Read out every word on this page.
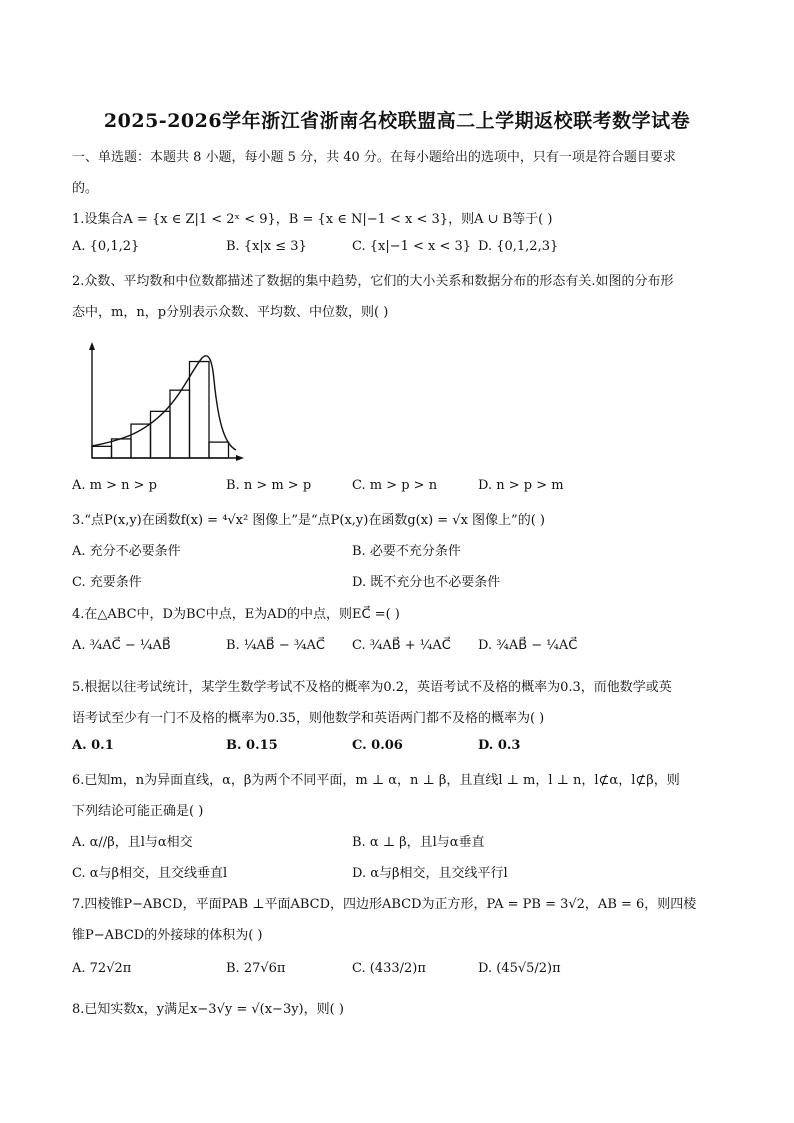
2025-2026学年浙江省浙南名校联盟高二上学期返校联考数学试卷
一、单选题：本题共 8 小题，每小题 5 分，共 40 分。在每小题给出的选项中，只有一项是符合题目要求
的。
1.设集合A = {x ∈ Z|1 < 2ˣ < 9}，B = {x ∈ N|−1 < x < 3}，则A ∪ B等于( )
A. {0,1,2}	B. {x|x ≤ 3}	C. {x|−1 < x < 3} D. {0,1,2,3}
2.众数、平均数和中位数都描述了数据的集中趋势，它们的大小关系和数据分布的形态有关.如图的分布形
态中，m，n，p分别表示众数、平均数、中位数，则( )
A. m > n > p	B. n > m > p	C. m > p > n	D. n > p > m
3.“点P(x,y)在函数f(x) = ⁴√x² 图像上”是“点P(x,y)在函数g(x) = √x 图像上”的( )
A. 充分不必要条件	B. 必要不充分条件
C. 充要条件	D. 既不充分也不必要条件
4.在△ABC中，D为BC中点，E为AD的中点，则EC⃗ =( )
A. ¾AC⃗ − ¼AB⃗	B. ¼AB⃗ − ¾AC⃗ C. ¾AB⃗ + ¼AC⃗ D. ¾AB⃗ − ¼AC⃗
5.根据以往考试统计，某学生数学考试不及格的概率为0.2，英语考试不及格的概率为0.3，而他数学或英
语考试至少有一门不及格的概率为0.35，则他数学和英语两门都不及格的概率为( )
A. 0.1	B. 0.15	C. 0.06	D. 0.3
6.已知m，n为异面直线，α，β为两个不同平面，m ⊥ α，n ⊥ β，且直线l ⊥ m，l ⊥ n，l⊄α，l⊄β，则
下列结论可能正确是( )
A. α//β，且l与α相交	B. α ⊥ β，且l与α垂直
C. α与β相交，且交线垂直l	D. α与β相交，且交线平行l
7.四棱锥P−ABCD，平面PAB ⊥平面ABCD，四边形ABCD为正方形，PA = PB = 3√2，AB = 6，则四棱
锥P−ABCD的外接球的体积为( )
A. 72√2π	B. 27√6π	C. (433/2)π	D. (45√5/2)π
8.已知实数x，y满足x−3√y = √(x−3y)，则( )
